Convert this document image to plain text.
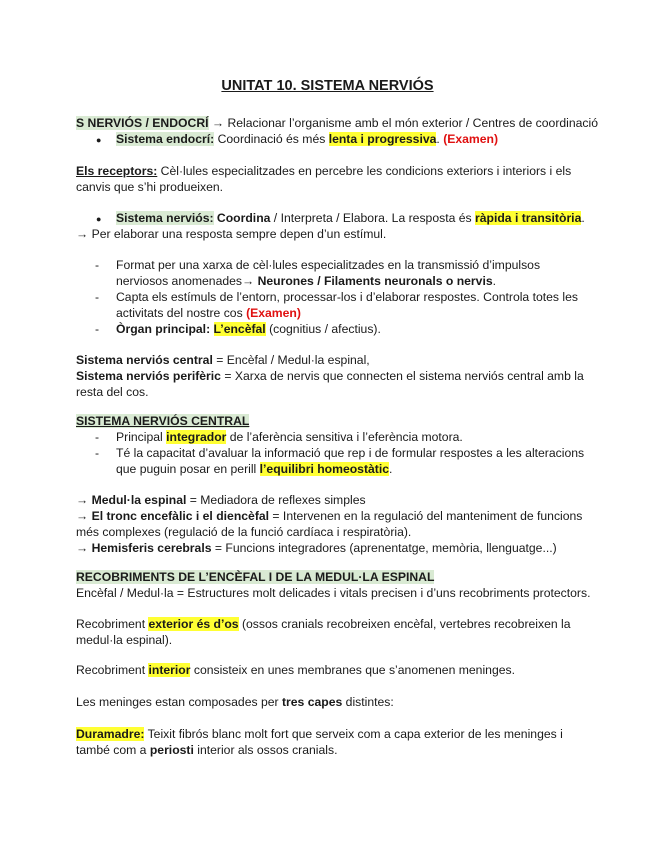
UNITAT 10. SISTEMA NERVIÓS
S NERVIÓS / ENDOCRÍ → Relacionar l’organisme amb el món exterior / Centres de coordinació
● Sistema endocrí: Coordinació és més lenta i progressiva. (Examen)
Els receptors: Cèl·lules especialitzades en percebre les condicions exteriors i interiors i els
canvis que s’hi produeixen.
● Sistema nerviós: Coordina / Interpreta / Elabora. La resposta és ràpida i transitòria.
→ Per elaborar una resposta sempre depen d’un estímul.
- Format per una xarxa de cèl·lules especialitzades en la transmissió d’impulsos
nerviosos anomenades→ Neurones / Filaments neuronals o nervis.
- Capta els estímuls de l’entorn, processar-los i d’elaborar respostes. Controla totes les
activitats del nostre cos (Examen)
- Òrgan principal: L’encèfal (cognitius / afectius).
Sistema nerviós central = Encèfal / Medul·la espinal,
Sistema nerviós perifèric = Xarxa de nervis que connecten el sistema nerviós central amb la
resta del cos.
SISTEMA NERVIÓS CENTRAL
- Principal integrador de l’aferència sensitiva i l’eferència motora.
- Té la capacitat d’avaluar la informació que rep i de formular respostes a les alteracions
que puguin posar en perill l’equilibri homeostàtic.
→ Medul·la espinal = Mediadora de reflexes simples
→ El tronc encefàlic i el diencèfal = Intervenen en la regulació del manteniment de funcions
més complexes (regulació de la funció cardíaca i respiratòria).
→ Hemisferis cerebrals = Funcions integradores (aprenentatge, memòria, llenguatge...)
RECOBRIMENTS DE L’ENCÈFAL I DE LA MEDUL·LA ESPINAL
Encèfal / Medul·la = Estructures molt delicades i vitals precisen i d’uns recobriments protectors.
Recobriment exterior és d’os (ossos cranials recobreixen encèfal, vertebres recobreixen la
medul·la espinal).
Recobriment interior consisteix en unes membranes que s’anomenen meninges.
Les meninges estan composades per tres capes distintes:
Duramadre: Teixit fibrós blanc molt fort que serveix com a capa exterior de les meninges i
també com a periosti interior als ossos cranials.
